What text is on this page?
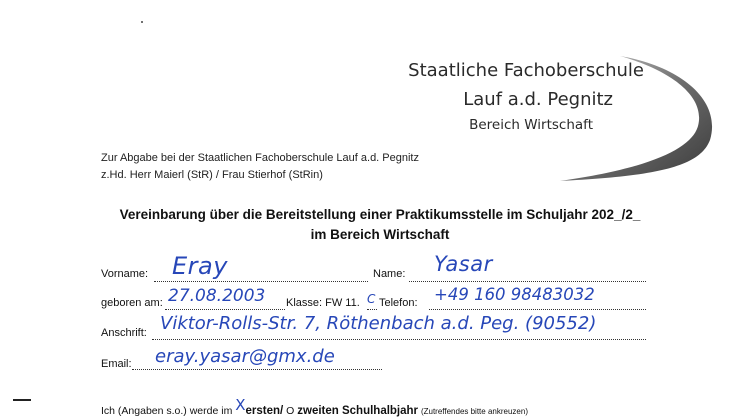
Staatliche Fachoberschule
Lauf a.d. Pegnitz
Bereich Wirtschaft
Zur Abgabe bei der Staatlichen Fachoberschule Lauf a.d. Pegnitz
z.Hd. Herr Maierl (StR) / Frau Stierhof (StRin)
Vereinbarung über die Bereitstellung einer Praktikumsstelle im Schuljahr 202_/2_
im Bereich Wirtschaft
Vorname: Eray	Name: Yasar
geboren am: 27.08.2003 Klasse: FW 11. C Telefon: +49 160 98483032
Anschrift: Viktor-Rolls-Str. 7, Röthenbach a.d. Peg. (90552)
Email: eray.yasar@gmx.de
Ich (Angaben s.o.) werde im Xersten/ O zweiten Schulhalbjahr (Zutreffendes bitte ankreuzen)
